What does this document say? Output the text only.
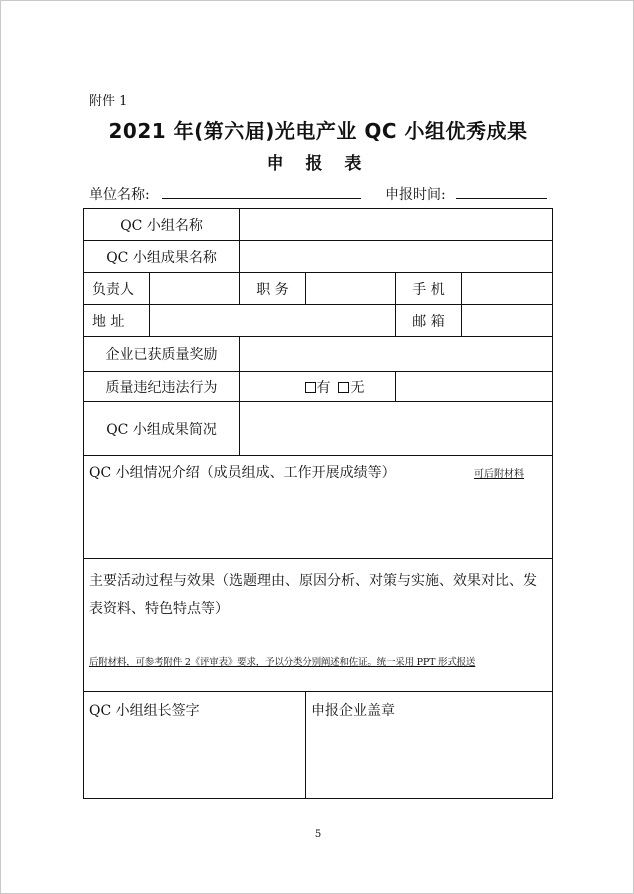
附件 1
2021 年(第六届)光电产业 QC 小组优秀成果
申 报 表
单位名称:	申报时间:
QC 小组名称					
QC 小组成果名称					
负责人		职 务		手 机	
地 址				邮 箱	
企业已获质量奖励					
质量违纪违法行为		有		无	
QC 小组成果简况					

QC 小组情况介绍（成员组成、工作开展成绩等） 可后附材料					

主要活动过程与效果（选题理由、原因分析、对策与实施、效果对比、发表资料、特色特点等）
后附材料，可参考附件 2《评审表》要求，予以分类分别阐述和佐证。统一采用 PPT 形式报送					

QC 小组组长签字			申报企业盖章		
5
